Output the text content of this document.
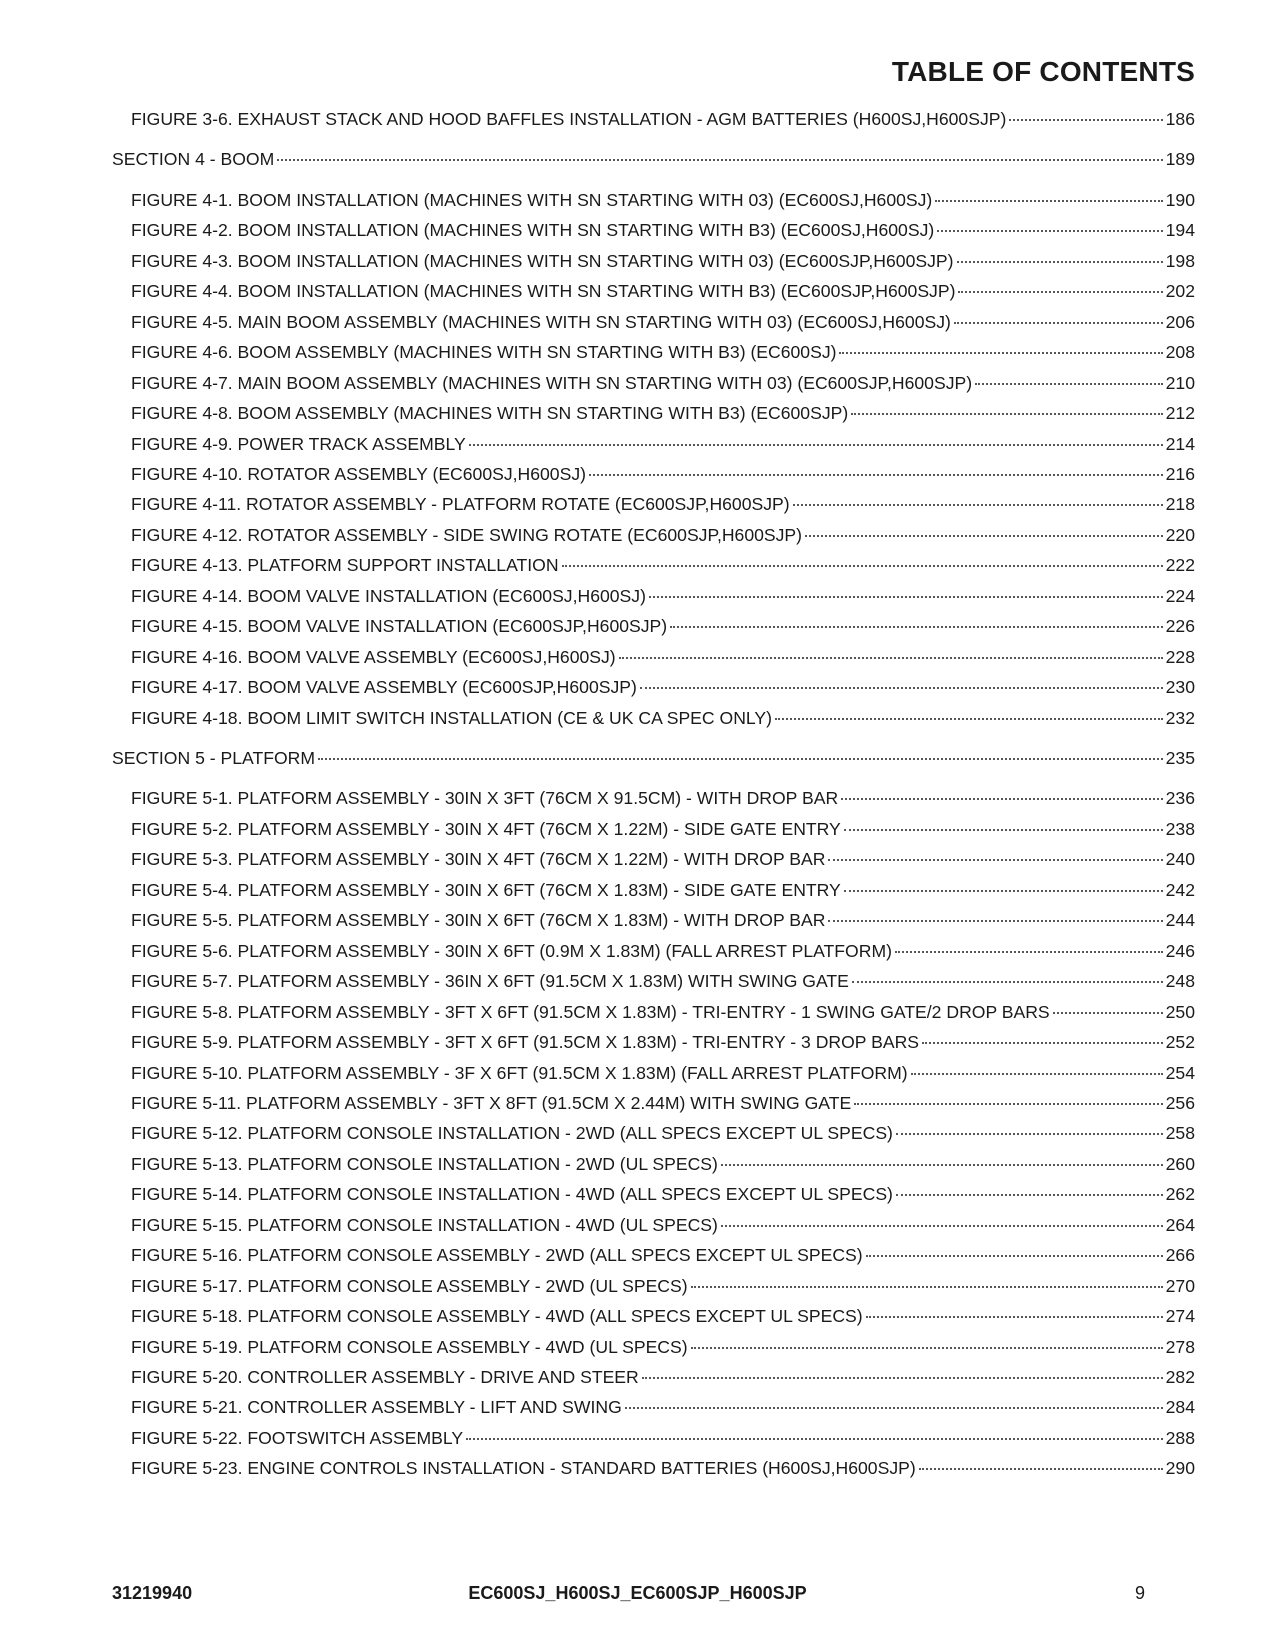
TABLE OF CONTENTS
FIGURE 3-6. EXHAUST STACK AND HOOD BAFFLES INSTALLATION - AGM BATTERIES (H600SJ,H600SJP)	186
SECTION 4 - BOOM	189
FIGURE 4-1. BOOM INSTALLATION (MACHINES WITH SN STARTING WITH 03) (EC600SJ,H600SJ)	190
FIGURE 4-2. BOOM INSTALLATION (MACHINES WITH SN STARTING WITH B3) (EC600SJ,H600SJ)	194
FIGURE 4-3. BOOM INSTALLATION (MACHINES WITH SN STARTING WITH 03) (EC600SJP,H600SJP)	198
FIGURE 4-4. BOOM INSTALLATION (MACHINES WITH SN STARTING WITH B3) (EC600SJP,H600SJP)	202
FIGURE 4-5. MAIN BOOM ASSEMBLY (MACHINES WITH SN STARTING WITH 03) (EC600SJ,H600SJ)	206
FIGURE 4-6. BOOM ASSEMBLY (MACHINES WITH SN STARTING WITH B3) (EC600SJ)	208
FIGURE 4-7. MAIN BOOM ASSEMBLY (MACHINES WITH SN STARTING WITH 03) (EC600SJP,H600SJP)	210
FIGURE 4-8. BOOM ASSEMBLY (MACHINES WITH SN STARTING WITH B3) (EC600SJP)	212
FIGURE 4-9. POWER TRACK ASSEMBLY	214
FIGURE 4-10. ROTATOR ASSEMBLY (EC600SJ,H600SJ)	216
FIGURE 4-11. ROTATOR ASSEMBLY - PLATFORM ROTATE (EC600SJP,H600SJP)	218
FIGURE 4-12. ROTATOR ASSEMBLY - SIDE SWING ROTATE (EC600SJP,H600SJP)	220
FIGURE 4-13. PLATFORM SUPPORT INSTALLATION	222
FIGURE 4-14. BOOM VALVE INSTALLATION (EC600SJ,H600SJ)	224
FIGURE 4-15. BOOM VALVE INSTALLATION (EC600SJP,H600SJP)	226
FIGURE 4-16. BOOM VALVE ASSEMBLY (EC600SJ,H600SJ)	228
FIGURE 4-17. BOOM VALVE ASSEMBLY (EC600SJP,H600SJP)	230
FIGURE 4-18. BOOM LIMIT SWITCH INSTALLATION (CE & UK CA SPEC ONLY)	232
SECTION 5 - PLATFORM	235
FIGURE 5-1. PLATFORM ASSEMBLY - 30IN X 3FT (76CM X 91.5CM) - WITH DROP BAR	236
FIGURE 5-2. PLATFORM ASSEMBLY - 30IN X 4FT (76CM X 1.22M) - SIDE GATE ENTRY	238
FIGURE 5-3. PLATFORM ASSEMBLY - 30IN X 4FT (76CM X 1.22M) - WITH DROP BAR	240
FIGURE 5-4. PLATFORM ASSEMBLY - 30IN X 6FT (76CM X 1.83M) - SIDE GATE ENTRY	242
FIGURE 5-5. PLATFORM ASSEMBLY - 30IN X 6FT (76CM X 1.83M) - WITH DROP BAR	244
FIGURE 5-6. PLATFORM ASSEMBLY - 30IN X 6FT (0.9M X 1.83M) (FALL ARREST PLATFORM)	246
FIGURE 5-7. PLATFORM ASSEMBLY - 36IN X 6FT (91.5CM X 1.83M) WITH SWING GATE	248
FIGURE 5-8. PLATFORM ASSEMBLY - 3FT X 6FT (91.5CM X 1.83M) - TRI-ENTRY - 1 SWING GATE/2 DROP BARS	250
FIGURE 5-9. PLATFORM ASSEMBLY - 3FT X 6FT (91.5CM X 1.83M) - TRI-ENTRY - 3 DROP BARS	252
FIGURE 5-10. PLATFORM ASSEMBLY - 3F X 6FT (91.5CM X 1.83M) (FALL ARREST PLATFORM)	254
FIGURE 5-11. PLATFORM ASSEMBLY - 3FT X 8FT (91.5CM X 2.44M) WITH SWING GATE	256
FIGURE 5-12. PLATFORM CONSOLE INSTALLATION - 2WD (ALL SPECS EXCEPT UL SPECS)	258
FIGURE 5-13. PLATFORM CONSOLE INSTALLATION - 2WD (UL SPECS)	260
FIGURE 5-14. PLATFORM CONSOLE INSTALLATION - 4WD (ALL SPECS EXCEPT UL SPECS)	262
FIGURE 5-15. PLATFORM CONSOLE INSTALLATION - 4WD (UL SPECS)	264
FIGURE 5-16. PLATFORM CONSOLE ASSEMBLY - 2WD (ALL SPECS EXCEPT UL SPECS)	266
FIGURE 5-17. PLATFORM CONSOLE ASSEMBLY - 2WD (UL SPECS)	270
FIGURE 5-18. PLATFORM CONSOLE ASSEMBLY - 4WD (ALL SPECS EXCEPT UL SPECS)	274
FIGURE 5-19. PLATFORM CONSOLE ASSEMBLY - 4WD (UL SPECS)	278
FIGURE 5-20. CONTROLLER ASSEMBLY - DRIVE AND STEER	282
FIGURE 5-21. CONTROLLER ASSEMBLY - LIFT AND SWING	284
FIGURE 5-22. FOOTSWITCH ASSEMBLY	288
FIGURE 5-23. ENGINE CONTROLS INSTALLATION - STANDARD BATTERIES (H600SJ,H600SJP)	290
31219940	EC600SJ_H600SJ_EC600SJP_H600SJP	9
